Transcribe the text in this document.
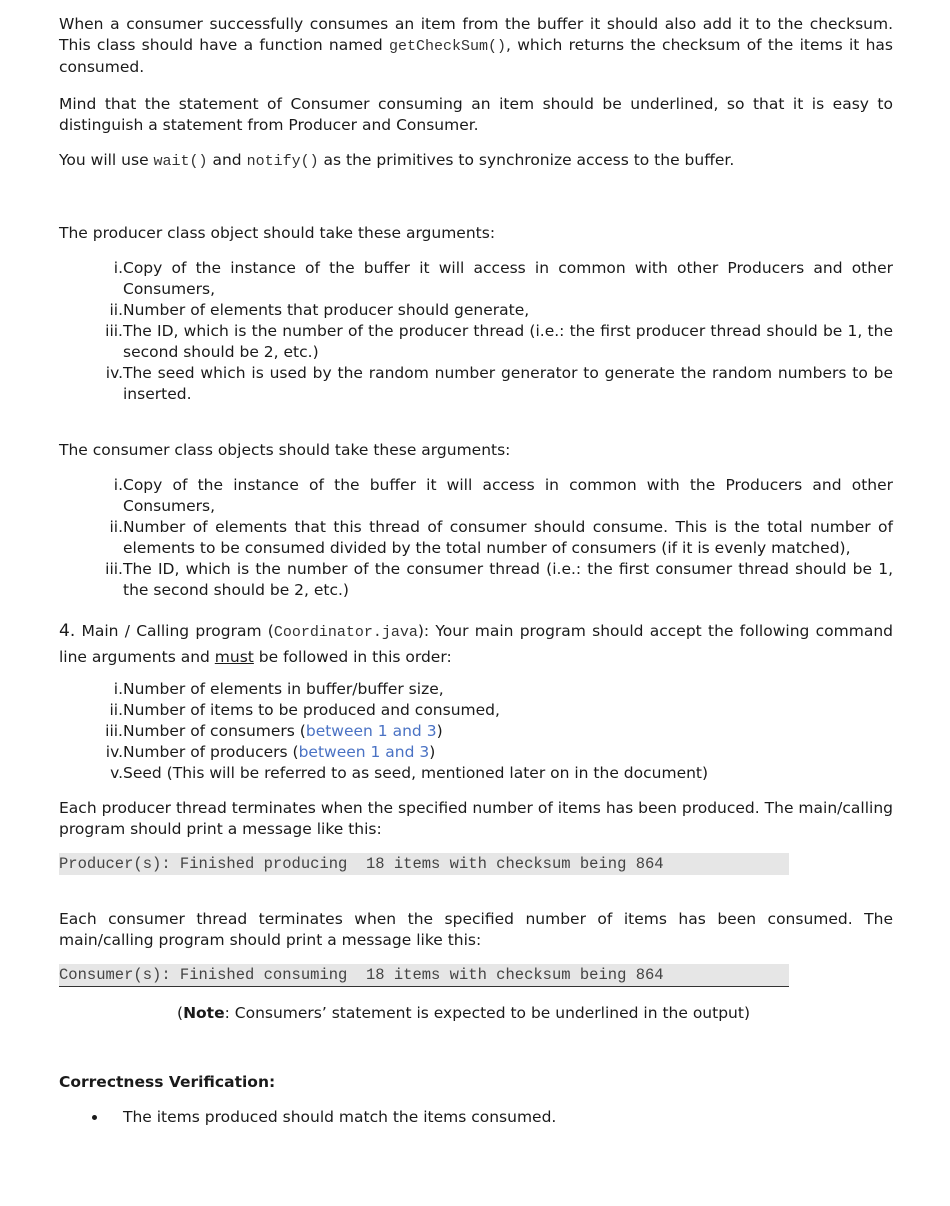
When a consumer successfully consumes an item from the buffer it should also add it to the checksum. This class should have a function named getCheckSum(), which returns the checksum of the items it has consumed.

Mind that the statement of Consumer consuming an item should be underlined, so that it is easy to distinguish a statement from Producer and Consumer.

You will use wait() and notify() as the primitives to synchronize access to the buffer.

The producer class object should take these arguments:

i. Copy of the instance of the buffer it will access in common with other Producers and other Consumers,
ii. Number of elements that producer should generate,
iii. The ID, which is the number of the producer thread (i.e.: the first producer thread should be 1, the second should be 2, etc.)
iv. The seed which is used by the random number generator to generate the random numbers to be inserted.

The consumer class objects should take these arguments:

i. Copy of the instance of the buffer it will access in common with the Producers and other Consumers,
ii. Number of elements that this thread of consumer should consume. This is the total number of elements to be consumed divided by the total number of consumers (if it is evenly matched),
iii. The ID, which is the number of the consumer thread (i.e.: the first consumer thread should be 1, the second should be 2, etc.)

4. Main / Calling program (Coordinator.java): Your main program should accept the following command line arguments and must be followed in this order:

i. Number of elements in buffer/buffer size,
ii. Number of items to be produced and consumed,
iii. Number of consumers (between 1 and 3)
iv. Number of producers (between 1 and 3)
v. Seed (This will be referred to as seed, mentioned later on in the document)

Each producer thread terminates when the specified number of items has been produced. The main/calling program should print a message like this:

Producer(s): Finished producing  18 items with checksum being 864

Each consumer thread terminates when the specified number of items has been consumed. The main/calling program should print a message like this:

Consumer(s): Finished consuming  18 items with checksum being 864

(Note: Consumers’ statement is expected to be underlined in the output)

Correctness Verification:

The items produced should match the items consumed.
